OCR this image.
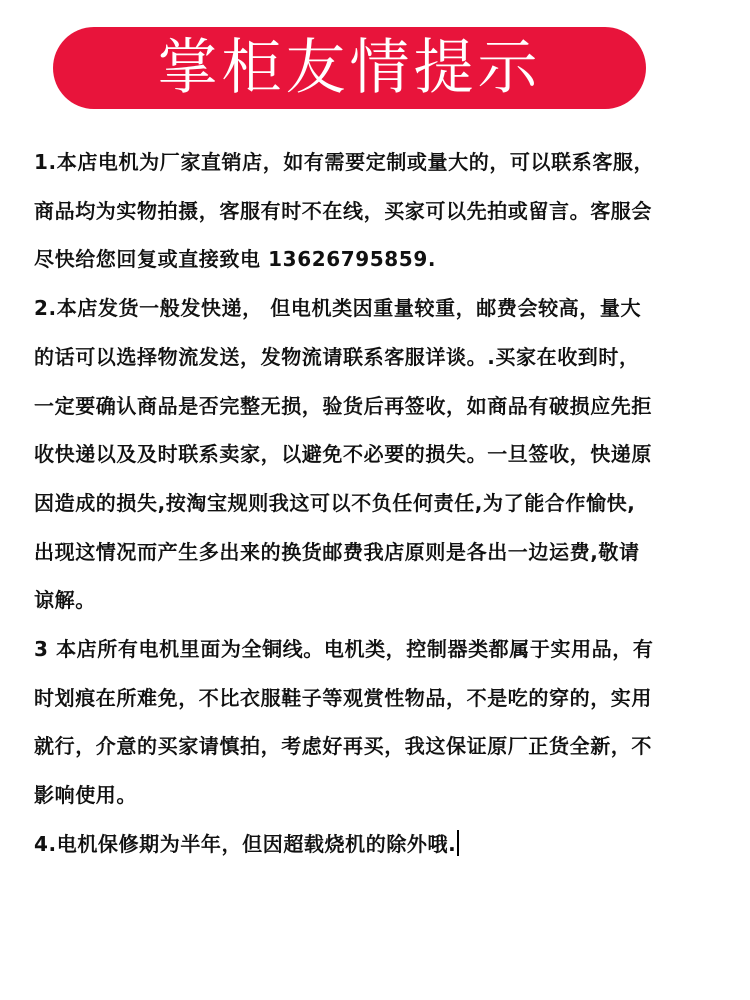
掌柜友情提示

1.本店电机为厂家直销店，如有需要定制或量大的，可以联系客服，
商品均为实物拍摄，客服有时不在线，买家可以先拍或留言。客服会
尽快给您回复或直接致电 13626795859.

2.本店发货一般发快递， 但电机类因重量较重，邮费会较高，量大
的话可以选择物流发送，发物流请联系客服详谈。.买家在收到时，
一定要确认商品是否完整无损，验货后再签收，如商品有破损应先拒
收快递以及及时联系卖家，以避免不必要的损失。一旦签收，快递原
因造成的损失,按淘宝规则我这可以不负任何责任,为了能合作愉快,
出现这情况而产生多出来的换货邮费我店原则是各出一边运费,敬请
谅解。

3 本店所有电机里面为全铜线。电机类，控制器类都属于实用品，有
时划痕在所难免，不比衣服鞋子等观赏性物品，不是吃的穿的，实用
就行，介意的买家请慎拍，考虑好再买，我这保证原厂正货全新，不
影响使用。

4.电机保修期为半年，但因超载烧机的除外哦.
